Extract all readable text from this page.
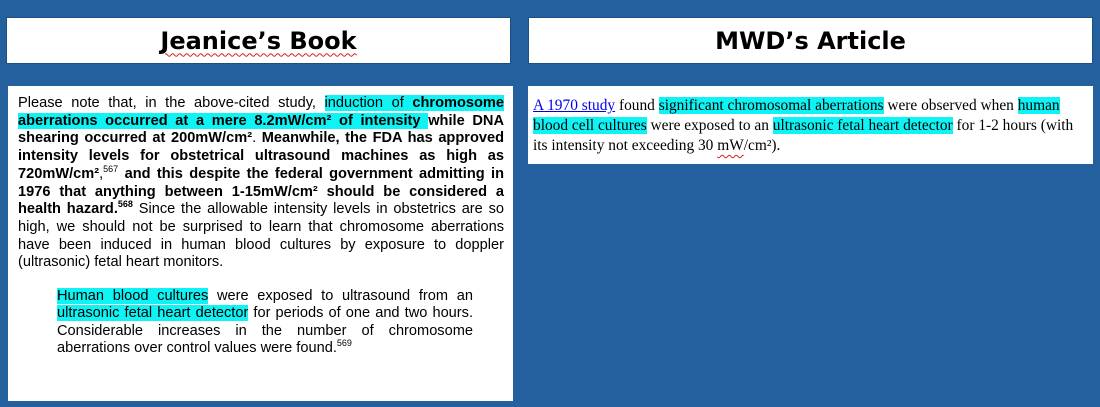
Jeanice’s Book	MWD’s Article

Please note that, in the above-cited study, induction of chromosome aberrations occurred at a mere 8.2mW/cm² of intensity while DNA shearing occurred at 200mW/cm². Meanwhile, the FDA has approved intensity levels for obstetrical ultrasound machines as high as 720mW/cm²,$^{567}$ and this despite the federal government admitting in 1976 that anything between 1-15mW/cm² should be considered a health hazard.$^{568}$ Since the allowable intensity levels in obstetrics are so high, we should not be surprised to learn that chromosome aberrations have been induced in human blood cultures by exposure to doppler (ultrasonic) fetal heart monitors.

Human blood cultures were exposed to ultrasound from an ultrasonic fetal heart detector for periods of one and two hours. Considerable increases in the number of chromosome aberrations over control values were found.$^{569}$

A 1970 study found significant chromosomal aberrations were observed when human blood cell cultures were exposed to an ultrasonic fetal heart detector for 1-2 hours (with its intensity not exceeding 30 mW/cm²).
